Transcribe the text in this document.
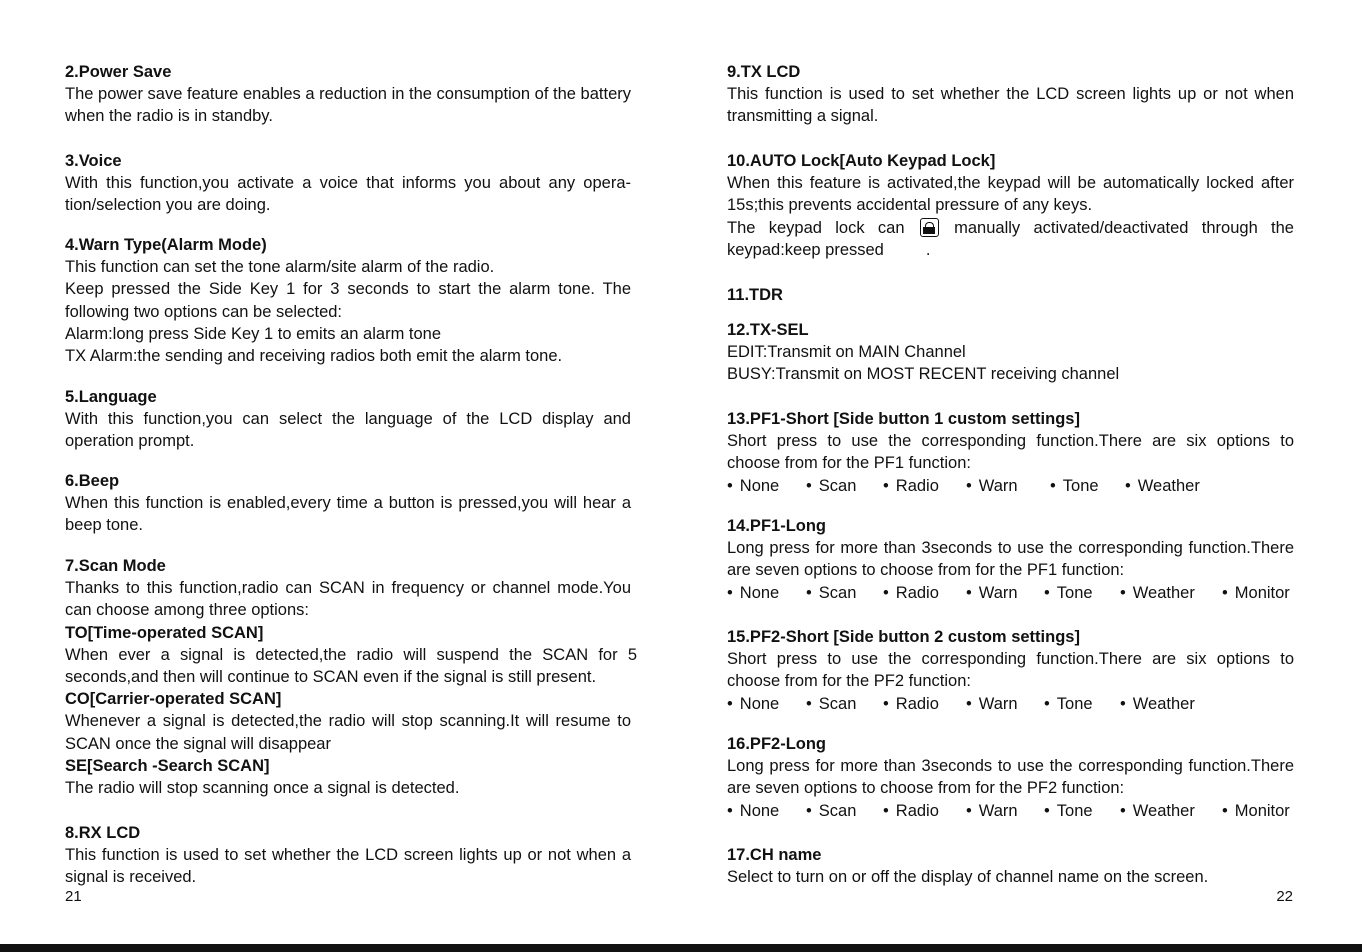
2.Power Save
The power save feature enables a reduction in the consumption of the battery when the radio is in standby.
3.Voice
With this function,you activate a voice that informs you about any opera-tion/selection you are doing.
4.Warn Type(Alarm Mode)
This function can set the tone alarm/site alarm of the radio.
Keep pressed the Side Key 1 for 3 seconds to start the alarm tone. The following two options can be selected:
Alarm:long press Side Key 1 to emits an alarm tone
TX Alarm:the sending and receiving radios both emit the alarm tone.
5.Language
With this function,you can select the language of the LCD display and operation prompt.
6.Beep
When this function is enabled,every time a button is pressed,you will hear a beep tone.
7.Scan Mode
Thanks to this function,radio can SCAN in frequency or channel mode.You can choose among three options:
TO[Time-operated SCAN]
When ever a signal is detected,the radio will suspend the SCAN for 5 seconds,and then will continue to SCAN even if the signal is still present.
CO[Carrier-operated SCAN]
Whenever a signal is detected,the radio will stop scanning.It will resume to SCAN once the signal will disappear
SE[Search -Search SCAN]
The radio will stop scanning once a signal is detected.
8.RX LCD
This function is used to set whether the LCD screen lights up or not when a signal is received.
21
9.TX LCD
This function is used to set whether the LCD screen lights up or not when transmitting a signal.
10.AUTO Lock[Auto Keypad Lock]
When this feature is activated,the keypad will be automatically locked after 15s;this prevents accidental pressure of any keys.
The keypad lock can	manually activated/deactivated through the keypad:keep pressed	.
11.TDR
12.TX-SEL
EDIT:Transmit on MAIN Channel
BUSY:Transmit on MOST RECENT receiving channel
13.PF1-Short [Side button 1 custom settings]
Short press to use the corresponding function.There are six options to choose from for the PF1 function:
• None	• Scan	• Radio	• Warn	• Tone	• Weather
14.PF1-Long
Long press for more than 3seconds to use the corresponding function.There are seven options to choose from for the PF1 function:
• None	• Scan	• Radio	• Warn	• Tone	• Weather	• Monitor
15.PF2-Short [Side button 2 custom settings]
Short press to use the corresponding function.There are six options to choose from for the PF2 function:
• None	• Scan	• Radio	• Warn	• Tone	• Weather
16.PF2-Long
Long press for more than 3seconds to use the corresponding function.There are seven options to choose from for the PF2 function:
• None	• Scan	• Radio	• Warn	• Tone	• Weather	• Monitor
17.CH name
Select to turn on or off the display of channel name on the screen.
22
